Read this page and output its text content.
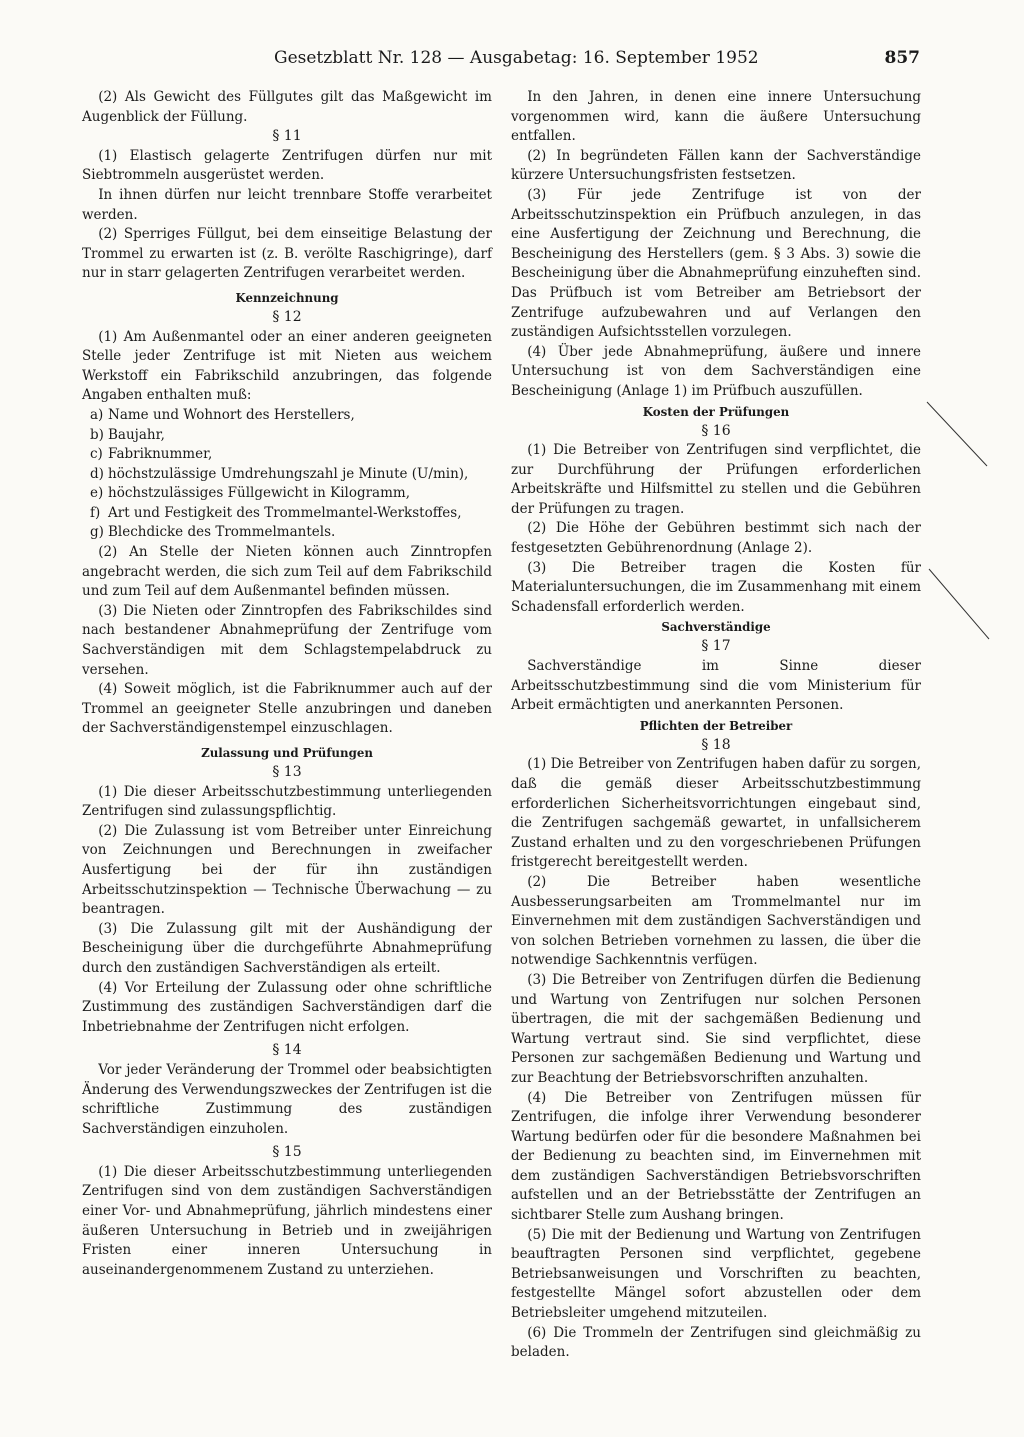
Gesetzblatt Nr. 128 — Ausgabetag: 16. September 1952	857

(2) Als Gewicht des Füllgutes gilt das Maßgewicht im Augenblick der Füllung.

§ 11

(1) Elastisch gelagerte Zentrifugen dürfen nur mit Siebtrommeln ausgerüstet werden.

In ihnen dürfen nur leicht trennbare Stoffe verarbeitet werden.

(2) Sperriges Füllgut, bei dem einseitige Belastung der Trommel zu erwarten ist (z. B. verölte Raschigringe), darf nur in starr gelagerten Zentrifugen verarbeitet werden.

Kennzeichnung

§ 12

(1) Am Außenmantel oder an einer anderen geeigneten Stelle jeder Zentrifuge ist mit Nieten aus weichem Werkstoff ein Fabrikschild anzubringen, das folgende Angaben enthalten muß:

a) Name und Wohnort des Herstellers,
b) Baujahr,
c) Fabriknummer,
d) höchstzulässige Umdrehungszahl je Minute (U/min),
e) höchstzulässiges Füllgewicht in Kilogramm,
f) Art und Festigkeit des Trommelmantel-Werkstoffes,
g) Blechdicke des Trommelmantels.

(2) An Stelle der Nieten können auch Zinntropfen angebracht werden, die sich zum Teil auf dem Fabrikschild und zum Teil auf dem Außenmantel befinden müssen.

(3) Die Nieten oder Zinntropfen des Fabrikschildes sind nach bestandener Abnahmeprüfung der Zentrifuge vom Sachverständigen mit dem Schlagstempelabdruck zu versehen.

(4) Soweit möglich, ist die Fabriknummer auch auf der Trommel an geeigneter Stelle anzubringen und daneben der Sachverständigenstempel einzuschlagen.

Zulassung und Prüfungen

§ 13

(1) Die dieser Arbeitsschutzbestimmung unterliegenden Zentrifugen sind zulassungspflichtig.

(2) Die Zulassung ist vom Betreiber unter Einreichung von Zeichnungen und Berechnungen in zweifacher Ausfertigung bei der für ihn zuständigen Arbeitsschutzinspektion — Technische Überwachung — zu beantragen.

(3) Die Zulassung gilt mit der Aushändigung der Bescheinigung über die durchgeführte Abnahmeprüfung durch den zuständigen Sachverständigen als erteilt.

(4) Vor Erteilung der Zulassung oder ohne schriftliche Zustimmung des zuständigen Sachverständigen darf die Inbetriebnahme der Zentrifugen nicht erfolgen.

§ 14

Vor jeder Veränderung der Trommel oder beabsichtigten Änderung des Verwendungszweckes der Zentrifugen ist die schriftliche Zustimmung des zuständigen Sachverständigen einzuholen.

§ 15

(1) Die dieser Arbeitsschutzbestimmung unterliegenden Zentrifugen sind von dem zuständigen Sachverständigen einer Vor- und Abnahmeprüfung, jährlich mindestens einer äußeren Untersuchung in Betrieb und in zweijährigen Fristen einer inneren Untersuchung in auseinandergenommenem Zustand zu unterziehen.

In den Jahren, in denen eine innere Untersuchung vorgenommen wird, kann die äußere Untersuchung entfallen.

(2) In begründeten Fällen kann der Sachverständige kürzere Untersuchungsfristen festsetzen.

(3) Für jede Zentrifuge ist von der Arbeitsschutzinspektion ein Prüfbuch anzulegen, in das eine Ausfertigung der Zeichnung und Berechnung, die Bescheinigung des Herstellers (gem. § 3 Abs. 3) sowie die Bescheinigung über die Abnahmeprüfung einzuheften sind. Das Prüfbuch ist vom Betreiber am Betriebsort der Zentrifuge aufzubewahren und auf Verlangen den zuständigen Aufsichtsstellen vorzulegen.

(4) Über jede Abnahmeprüfung, äußere und innere Untersuchung ist von dem Sachverständigen eine Bescheinigung (Anlage 1) im Prüfbuch auszufüllen.

Kosten der Prüfungen

§ 16

(1) Die Betreiber von Zentrifugen sind verpflichtet, die zur Durchführung der Prüfungen erforderlichen Arbeitskräfte und Hilfsmittel zu stellen und die Gebühren der Prüfungen zu tragen.

(2) Die Höhe der Gebühren bestimmt sich nach der festgesetzten Gebührenordnung (Anlage 2).

(3) Die Betreiber tragen die Kosten für Materialuntersuchungen, die im Zusammenhang mit einem Schadensfall erforderlich werden.

Sachverständige

§ 17

Sachverständige im Sinne dieser Arbeitsschutzbestimmung sind die vom Ministerium für Arbeit ermächtigten und anerkannten Personen.

Pflichten der Betreiber

§ 18

(1) Die Betreiber von Zentrifugen haben dafür zu sorgen, daß die gemäß dieser Arbeitsschutzbestimmung erforderlichen Sicherheitsvorrichtungen eingebaut sind, die Zentrifugen sachgemäß gewartet, in unfallsicherem Zustand erhalten und zu den vorgeschriebenen Prüfungen fristgerecht bereitgestellt werden.

(2) Die Betreiber haben wesentliche Ausbesserungsarbeiten am Trommelmantel nur im Einvernehmen mit dem zuständigen Sachverständigen und von solchen Betrieben vornehmen zu lassen, die über die notwendige Sachkenntnis verfügen.

(3) Die Betreiber von Zentrifugen dürfen die Bedienung und Wartung von Zentrifugen nur solchen Personen übertragen, die mit der sachgemäßen Bedienung und Wartung vertraut sind. Sie sind verpflichtet, diese Personen zur sachgemäßen Bedienung und Wartung und zur Beachtung der Betriebsvorschriften anzuhalten.

(4) Die Betreiber von Zentrifugen müssen für Zentrifugen, die infolge ihrer Verwendung besonderer Wartung bedürfen oder für die besondere Maßnahmen bei der Bedienung zu beachten sind, im Einvernehmen mit dem zuständigen Sachverständigen Betriebsvorschriften aufstellen und an der Betriebsstätte der Zentrifugen an sichtbarer Stelle zum Aushang bringen.

(5) Die mit der Bedienung und Wartung von Zentrifugen beauftragten Personen sind verpflichtet, gegebene Betriebsanweisungen und Vorschriften zu beachten, festgestellte Mängel sofort abzustellen oder dem Betriebsleiter umgehend mitzuteilen.

(6) Die Trommeln der Zentrifugen sind gleichmäßig zu beladen.
